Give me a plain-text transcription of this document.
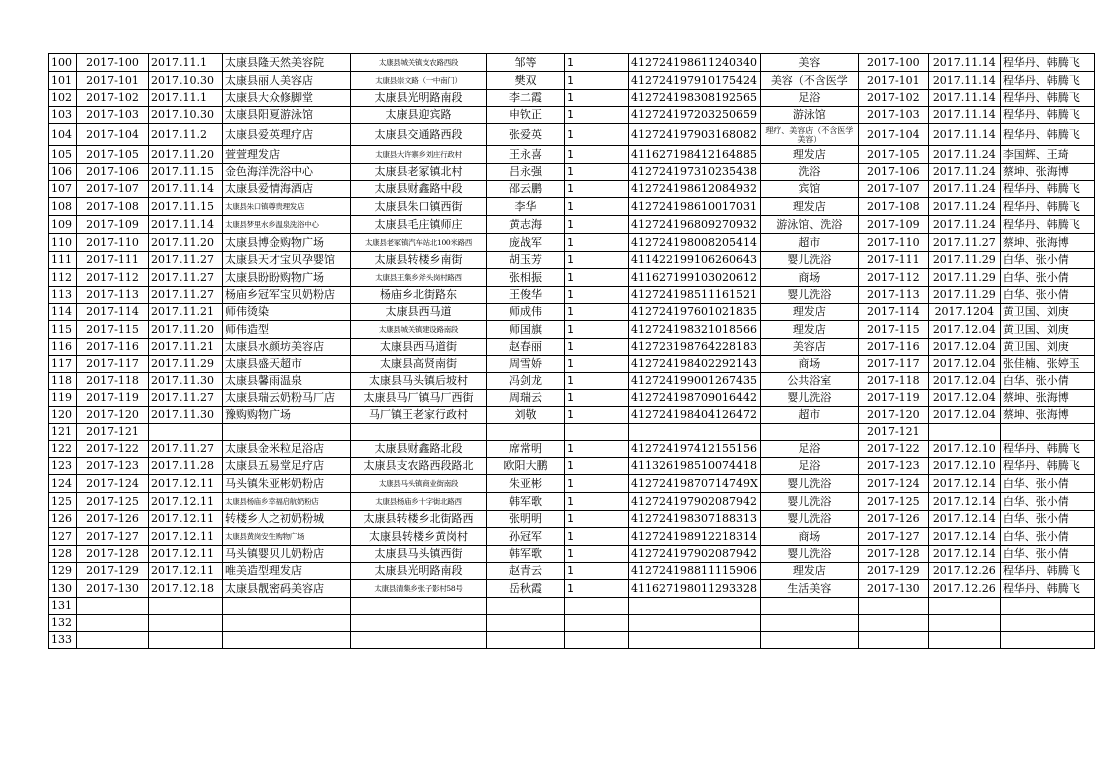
100	2017-100	2017.11.1	太康县隆天然美容院	太康县城关镇支农路西段	邹等	1	412724198611240340	美容	2017-100	2017.11.14	程华丹、韩腾飞
101	2017-101	2017.10.30	太康县丽人美容店	太康县崇文路（一中南门）	樊双	1	412724197910175424	美容（不含医学	2017-101	2017.11.14	程华丹、韩腾飞
102	2017-102	2017.11.1	太康县大众修脚堂	太康县光明路南段	李二霞	1	412724198308192565	足浴	2017-102	2017.11.14	程华丹、韩腾飞
103	2017-103	2017.10.30	太康县阳夏游泳馆	太康县迎宾路	申钦正	1	412724197203250659	游泳馆	2017-103	2017.11.14	程华丹、韩腾飞
104	2017-104	2017.11.2	太康县爱英理疗店	太康县交通路西段	张爱英	1	412724197903168082	理疗、美容店（不含医学美容）	2017-104	2017.11.14	程华丹、韩腾飞
105	2017-105	2017.11.20	萱萱理发店	太康县大许寨乡刘庄行政村	王永喜	1	411627198412164885	理发店	2017-105	2017.11.24	李国辉、王琦
106	2017-106	2017.11.15	金色海洋洗浴中心	太康县老冢镇北村	吕永强	1	412724197310235438	洗浴	2017-106	2017.11.24	蔡坤、张海博
107	2017-107	2017.11.14	太康县爱情海酒店	太康县财鑫路中段	邵云鹏	1	412724198612084932	宾馆	2017-107	2017.11.24	程华丹、韩腾飞
108	2017-108	2017.11.15	太康县朱口镇尊贵理发店	太康县朱口镇西街	李华	1	412724198610017031	理发店	2017-108	2017.11.24	程华丹、韩腾飞
109	2017-109	2017.11.14	太康县梦里水乡温泉洗浴中心	太康县毛庄镇师庄	黄志海	1	412724196809270932	游泳馆、洗浴	2017-109	2017.11.24	程华丹、韩腾飞
110	2017-110	2017.11.20	太康县博金购物广场	太康县老冢镇汽车站北100米路西	庞战军	1	412724198008205414	超市	2017-110	2017.11.27	蔡坤、张海博
111	2017-111	2017.11.27	太康县天才宝贝孕婴馆	太康县转楼乡南街	胡玉芳	1	411422199106260643	婴儿洗浴	2017-111	2017.11.29	白华、张小倩
112	2017-112	2017.11.27	太康县盼盼购物广场	太康县王集乡斧头岗村路西	张相振	1	411627199103020612	商场	2017-112	2017.11.29	白华、张小倩
113	2017-113	2017.11.27	杨庙乡冠军宝贝奶粉店	杨庙乡北街路东	王俊华	1	412724198511161521	婴儿洗浴	2017-113	2017.11.29	白华、张小倩
114	2017-114	2017.11.21	师伟烫染	太康县西马道	师成伟	1	412724197601021835	理发店	2017-114	2017.1204	黄卫国、刘庚
115	2017-115	2017.11.20	师伟造型	太康县城关镇建设路南段	师国旗	1	412724198321018566	理发店	2017-115	2017.12.04	黄卫国、刘庚
116	2017-116	2017.11.21	太康县水颜坊美容店	太康县西马道街	赵春丽	1	412723198764228183	美容店	2017-116	2017.12.04	黄卫国、刘庚
117	2017-117	2017.11.29	太康县盛天超市	太康县高贤南街	周雪娇	1	412724198402292143	商场	2017-117	2017.12.04	张佳楠、张婷玉
118	2017-118	2017.11.30	太康县馨雨温泉	太康县马头镇后坡村	冯剑龙	1	412724199001267435	公共浴室	2017-118	2017.12.04	白华、张小倩
119	2017-119	2017.11.27	太康县瑞云奶粉马厂店	太康县马厂镇马厂西街	周瑞云	1	412724198709016442	婴儿洗浴	2017-119	2017.12.04	蔡坤、张海博
120	2017-120	2017.11.30	豫购购物广场	马厂镇王老家行政村	刘敬	1	412724198404126472	超市	2017-120	2017.12.04	蔡坤、张海博
121	2017-121								2017-121		
122	2017-122	2017.11.27	太康县金米粒足浴店	太康县财鑫路北段	席常明	1	412724197412155156	足浴	2017-122	2017.12.10	程华丹、韩腾飞
123	2017-123	2017.11.28	太康县五易堂足疗店	太康县支农路西段路北	欧阳大鹏	1	411326198510074418	足浴	2017-123	2017.12.10	程华丹、韩腾飞
124	2017-124	2017.12.11	马头镇朱亚彬奶粉店	太康县马头镇商业街南段	朱亚彬	1	41272419870714749X	婴儿洗浴	2017-124	2017.12.14	白华、张小倩
125	2017-125	2017.12.11	太康县杨庙乡幸福启航奶粉店	太康县杨庙乡十字街北路西	韩军歌	1	412724197902087942	婴儿洗浴	2017-125	2017.12.14	白华、张小倩
126	2017-126	2017.12.11	转楼乡人之初奶粉城	太康县转楼乡北街路西	张明明	1	412724198307188313	婴儿洗浴	2017-126	2017.12.14	白华、张小倩
127	2017-127	2017.12.11	太康县黄岗安生购物广场	太康县转楼乡黄岗村	孙冠军	1	412724198912218314	商场	2017-127	2017.12.14	白华、张小倩
128	2017-128	2017.12.11	马头镇婴贝儿奶粉店	太康县马头镇西街	韩军歌	1	412724197902087942	婴儿洗浴	2017-128	2017.12.14	白华、张小倩
129	2017-129	2017.12.11	唯美造型理发店	太康县光明路南段	赵青云	1	412724198811115906	理发店	2017-129	2017.12.26	程华丹、韩腾飞
130	2017-130	2017.12.18	太康县靓密码美容店	太康县清集乡张子影村58号	岳秋霞	1	411627198011293328	生活美容	2017-130	2017.12.26	程华丹、韩腾飞
131											
132											
133											
